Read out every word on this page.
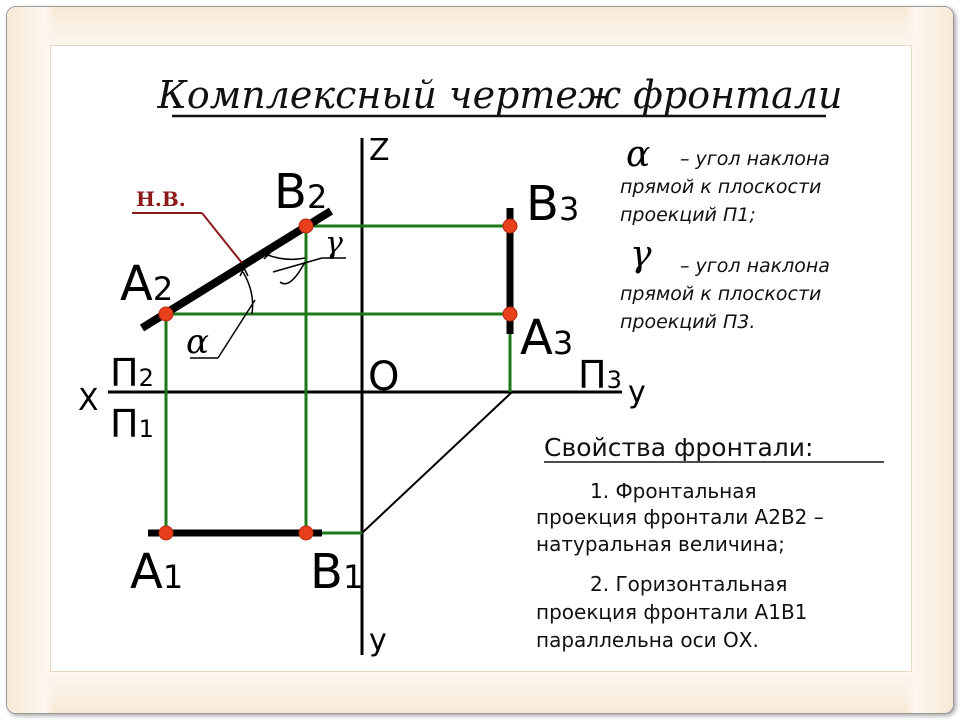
Комплексный чертеж фронтали
Н.В.
Z
X	y
y
O
П2
П1
П3
B2
A2
B3
A3
A1	B1
α
γ
α – угол наклона
прямой к плоскости
проекций П1;
γ – угол наклона
прямой к плоскости
проекций П3.
Свойства фронтали:
1. Фронтальная
проекция фронтали A2B2 –
натуральная величина;
2. Горизонтальная
проекция фронтали A1B1
параллельна оси ОХ.
